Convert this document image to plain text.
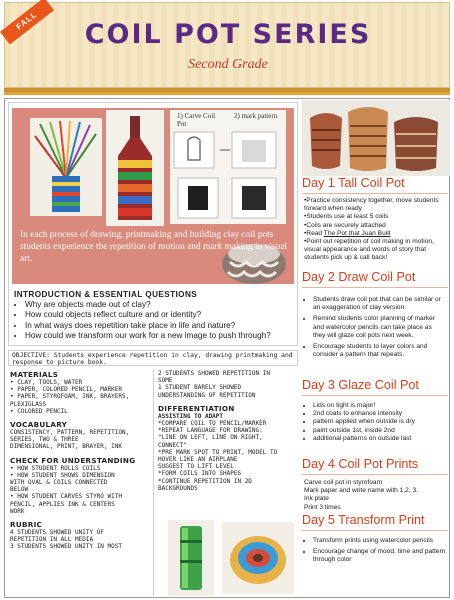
FALL	COIL POT SERIES
Second Grade
1) Carve Coil Pot
2) mark pattern
In each process of drawing, printmaking and building clay coil pots students experience the repetition of motion and mark making in visual art.
INTRODUCTION & ESSENTIAL QUESTIONS
• Why are objects made out of clay?
• How could objects reflect culture and or identity?
• In what ways does repetition take place in life and nature?
• How could we transform our work for a new image to push through?
OBJECTIVE: Students experience repetition in clay, drawing printmaking and response to picture book.
MATERIALS
• CLAY, TOOLS, WATER
• PAPER, COLORED PENCIL, MARKER
• PAPER, STYROFOAM, INK, BRAYERS,
PLEXIGLASS
• COLORED PENCIL
VOCABULARY
CONSISTENCY, PATTERN, REPETITION,
SERIES, TWO & THREE
DIMENSIONAL, PRINT, BRAYER, INK
CHECK FOR UNDERSTANDING
• HOW STUDENT ROLLS COILS
• HOW STUDENT SHOWS DIMENSION
WITH OVAL & COILS CONNECTED
BELOW
• HOW STUDENT CARVES STYRO WITH
PENCIL, APPLIES INK & CENTERS
WORK
RUBRIC
4 STUDENTS SHOWED UNITY OF
REPETITION IN ALL MEDIA
3 STUDENTS SHOWED UNITY IN MOST
2 STUDENTS SHOWED REPETITION IN
SOME
1 STUDENT BARELY SHOWED
UNDERSTANDING OF REPETITION
DIFFERENTIATION
ASSISTING TO ADAPT
*COMPARE COIL TO PENCIL/MARKER
*REPEAT LANGUAGE FOR DRAWING:
"LINE ON LEFT, LINE ON RIGHT,
CONNECT"
*PRE MARK SPOT TO PRINT, MODEL TO
HOVER LIKE AN AIRPLANE
SUGGEST TO LIFT LEVEL
*FORM COILS INTO SHAPES
*CONTINUE REPETITION IN 2D
BACKGROUNDS
Day 1 Tall Coil Pot

•Practice consistency together, move students forward when ready

•Students use at least 5 coils

•Coils are securely attached

•Read The Pot that Juan Built

•Point out repetition of coil making in motion, visual appearance and words of story that students pick up & call back!

Day 2 Draw Coil Pot
• Students draw coil pot that can be similar or an exaggeration of clay version.
• Remind students color planning of marker and watercolor pencils can take place as they will glaze coil pots next week.
• Encourage students to layer colors and consider a pattern that repeats.
Day 3 Glaze Coil Pot
• Lids on tight is major!
• 2nd coats to enhance intensity
• pattern applied when outside is dry
• paint outside 1st, inside 2nd
• additional patterns on outside last
Day 4 Coil Pot Prints

Carve coil pot in styrofoam

Mark paper and write name with 1,2, 3.

Ink plate

Print 3 times

Day 5 Transform Print
• Transform prints using watercolor pencils
• Encourage change of mood, time and pattern through color
